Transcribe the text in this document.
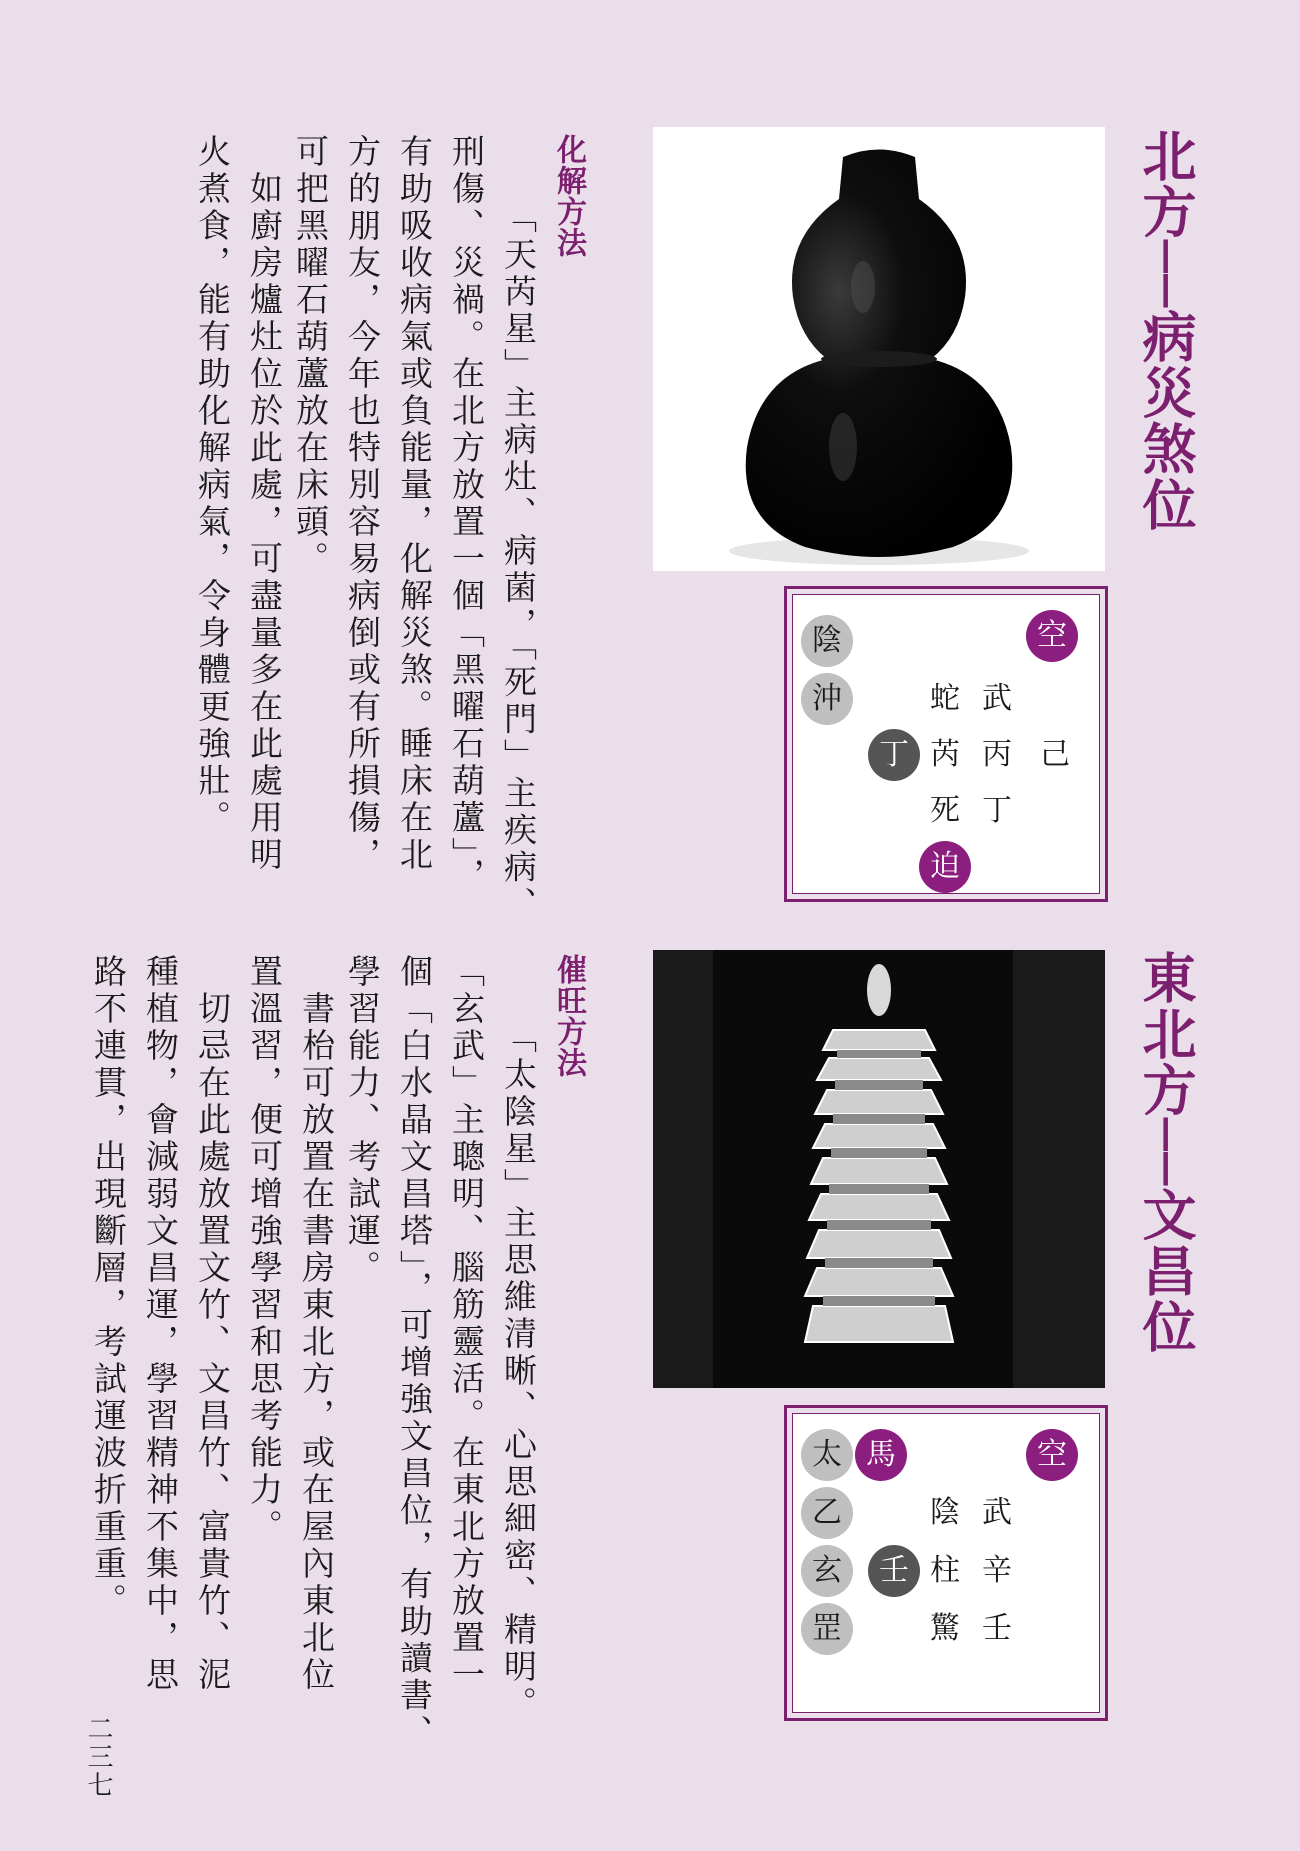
北方──病災煞位
空
陰
沖	蛇 武
丁 芮 丙 己
死 丁
迫
化解方法
「天芮星」主病灶、病菌，「死門」主疾病、
刑傷、災禍。在北方放置一個「黑曜石葫蘆」，
有助吸收病氣或負能量，化解災煞。睡床在北
方的朋友，今年也特別容易病倒或有所損傷，
可把黑曜石葫蘆放在床頭。
　如廚房爐灶位於此處，可盡量多在此處用明
火煮食，能有助化解病氣，令身體更強壯。
東北方──文昌位
空
馬
太
乙
玄
罡
陰 武
壬 柱 辛
驚 壬
催旺方法
「太陰星」主思維清晰、心思細密、精明。
「玄武」主聰明、腦筋靈活。在東北方放置一
個「白水晶文昌塔」，可增強文昌位，有助讀書、
學習能力、考試運。
　書枱可放置在書房東北方，或在屋內東北位
置溫習，便可增強學習和思考能力。
　切忌在此處放置文竹、文昌竹、富貴竹、泥
種植物，會減弱文昌運，學習精神不集中，思
路不連貫，出現斷層，考試運波折重重。
二三七
